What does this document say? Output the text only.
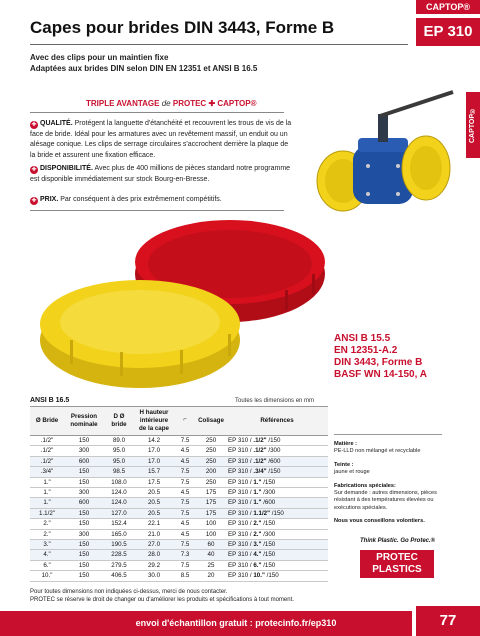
CAPTOP®
EP 310
CAPTOP®
Capes pour brides DIN 3443, Forme B
Avec des clips pour un maintien fixe
Adaptées aux brides DIN selon DIN EN 12351 et ANSI B 16.5
TRIPLE AVANTAGE de PROTEC ✚ CAPTOP®
✚ QUALITÉ. Protégent la languette d'étanchéité et recouvrent les trous de vis de la face de bride. Idéal pour les armatures avec un revêtement massif, un enduit ou un alésage conique. Les clips de serrage circulaires s'accrochent derrière la plaque de la bride et assurent une fixation efficace.
✚ DISPONIBILITÉ. Avec plus de 400 millions de pièces standard notre programme est disponible immédiatement sur stock Bourg-en-Bresse.
✚ PRIX. Par conséquent à des prix extrêmement compétitifs.
ANSI B 15.5
EN 12351-A.2
DIN 3443, Forme B
BASF WN 14-150, A
ANSI B 16.5	Toutes les dimensions en mm
Ø Bride	Pression nominale	D Ø bride	H hauteur intérieure de la cape	⌐	Colisage	Références
.1/2"	150	89.0	14.2	7.5	250	EP 310 / .1/2" /150
.1/2"	300	95.0	17.0	4.5	250	EP 310 / .1/2" /300
.1/2"	600	95.0	17.0	4.5	250	EP 310 / .1/2" /600
.3/4"	150	98.5	15.7	7.5	200	EP 310 / .3/4" /150
1."	150	108.0	17.5	7.5	250	EP 310 / 1." /150
1."	300	124.0	20.5	4.5	175	EP 310 / 1." /300
1."	600	124.0	20.5	7.5	175	EP 310 / 1." /600
1.1/2"	150	127.0	20.5	7.5	175	EP 310 / 1.1/2" /150
2."	150	152.4	22.1	4.5	100	EP 310 / 2." /150
2."	300	165.0	21.0	4.5	100	EP 310 / 2." /300
3."	150	190.5	27.0	7.5	60	EP 310 / 3." /150
4."	150	228.5	28.0	7.3	40	EP 310 / 4." /150
6."	150	279.5	29.2	7.5	25	EP 310 / 6." /150
10."	150	406.5	30.0	8.5	20	EP 310 / 10." /150
Pour toutes dimensions non indiquées ci-dessus, merci de nous contacter.
PROTEC se réserve le droit de changer ou d'améliorer les produits et spécifications à tout moment.
Matière :
PE-LLD non mélangé et recyclable
Teinte :
jaune et rouge
Fabrications spéciales:
Sur demande : autres dimensions, pièces résistant à des températures élevées ou exécutions spéciales.
Nous vous conseillons volontiers.
Think Plastic. Go Protec.®
PROTEC
PLASTICS
envoi d'échantillon gratuit : protecinfo.fr/ep310	77
